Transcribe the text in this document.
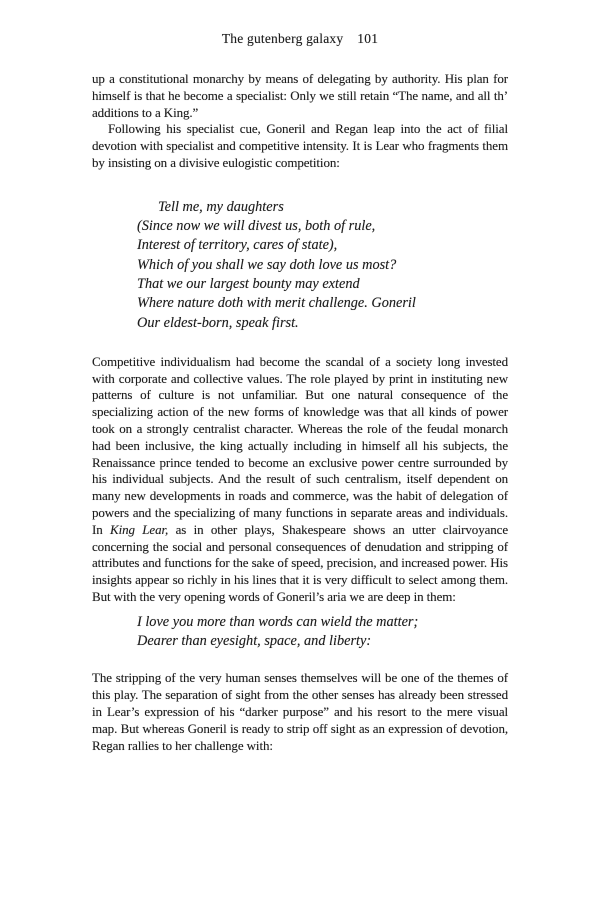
The gutenberg galaxy 101

up a constitutional monarchy by means of delegating by authority. His plan for himself is that he become a specialist: Only we still retain “The name, and all th’ additions to a King.”

Following his specialist cue, Goneril and Regan leap into the act of filial devotion with specialist and competitive intensity. It is Lear who fragments them by insisting on a divisive eulogistic competition:

Tell me, my daughters
(Since now we will divest us, both of rule,
Interest of territory, cares of state),
Which of you shall we say doth love us most?
That we our largest bounty may extend
Where nature doth with merit challenge. Goneril
Our eldest-born, speak first.

Competitive individualism had become the scandal of a society long invested with corporate and collective values. The role played by print in instituting new patterns of culture is not unfamiliar. But one natural consequence of the specializing action of the new forms of knowledge was that all kinds of power took on a strongly centralist character. Whereas the role of the feudal monarch had been inclusive, the king actually including in himself all his subjects, the Renaissance prince tended to become an exclusive power centre surrounded by his individual subjects. And the result of such centralism, itself dependent on many new developments in roads and commerce, was the habit of delegation of powers and the specializing of many functions in separate areas and individuals. In King Lear, as in other plays, Shakespeare shows an utter clairvoyance concerning the social and personal consequences of denudation and stripping of attributes and functions for the sake of speed, precision, and increased power. His insights appear so richly in his lines that it is very difficult to select among them. But with the very opening words of Goneril’s aria we are deep in them:

I love you more than words can wield the matter;
Dearer than eyesight, space, and liberty:

The stripping of the very human senses themselves will be one of the themes of this play. The separation of sight from the other senses has already been stressed in Lear’s expression of his “darker purpose” and his resort to the mere visual map. But whereas Goneril is ready to strip off sight as an expression of devotion, Regan rallies to her challenge with:
